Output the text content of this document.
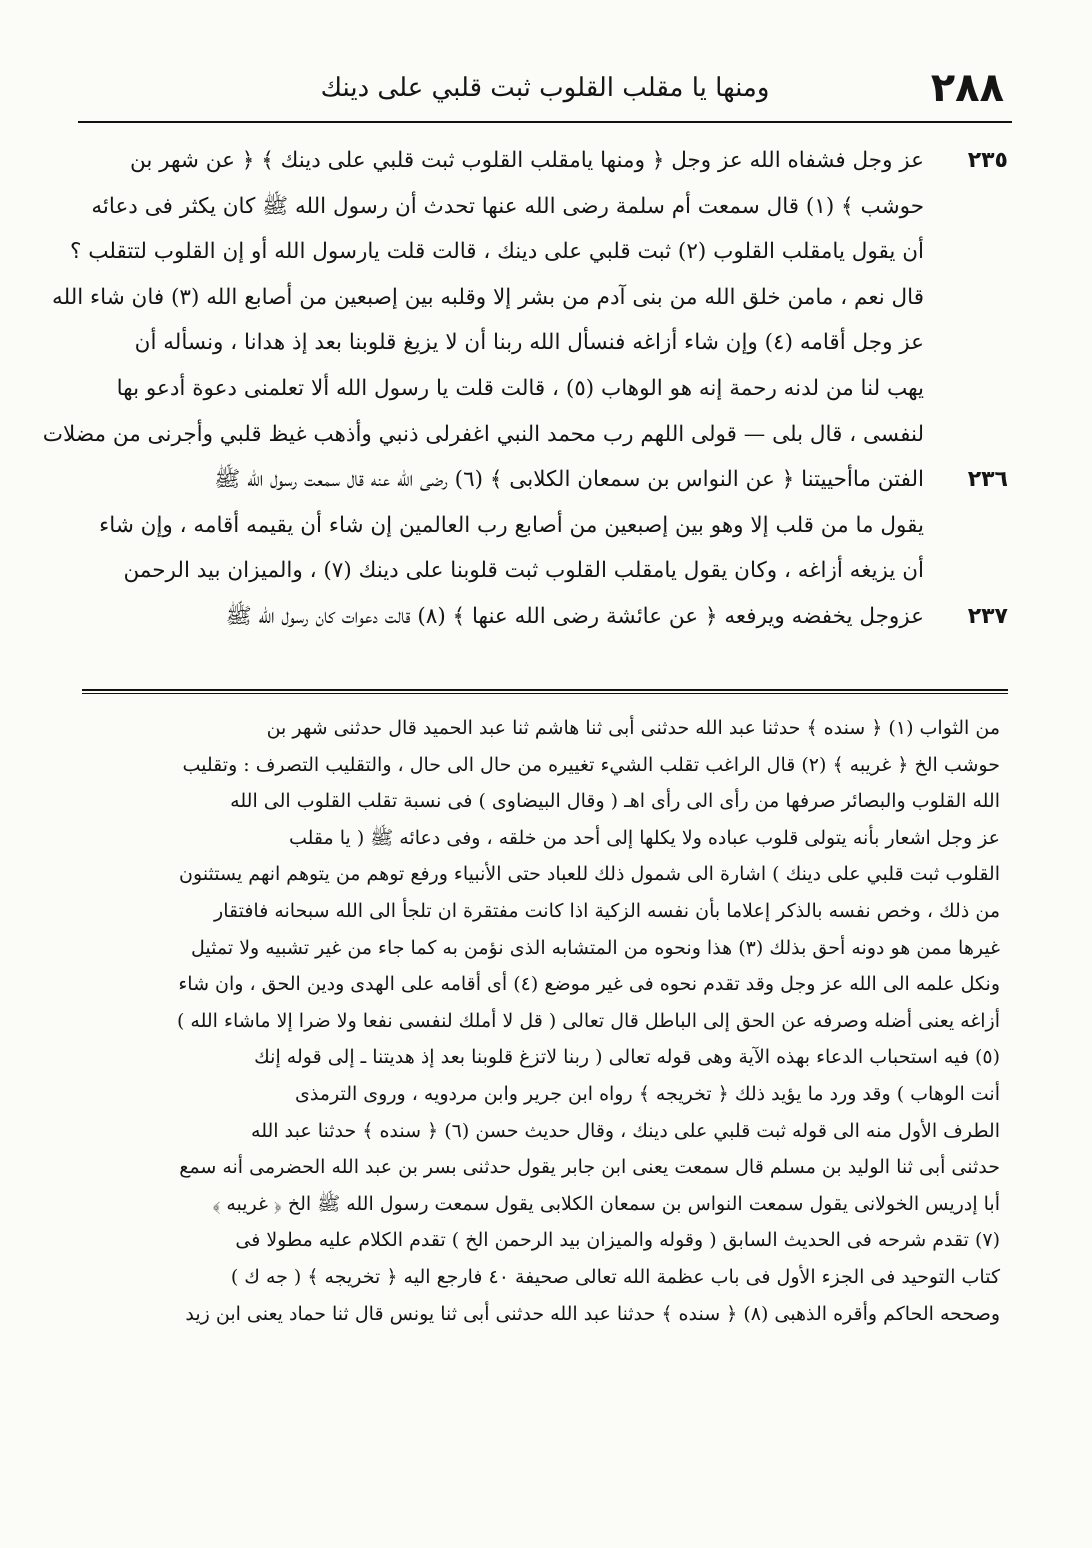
٢٨٨
ومنها يا مقلب القلوب ثبت قلبي على دينك
٢٣٥
عز وجل فشفاه الله عز وجل ﴿ ومنها يامقلب القلوب ثبت قلبي على دينك ﴾ ﴿ عن شهر بن
حوشب ﴾ (١) قال سمعت أم سلمة رضى الله عنها تحدث أن رسول الله ﷺ كان يكثر فى دعائه
أن يقول يامقلب القلوب (٢) ثبت قلبي على دينك ، قالت قلت يارسول الله أو إن القلوب لتتقلب ؟
قال نعم ، مامن خلق الله من بنى آدم من بشر إلا وقلبه بين إصبعين من أصابع الله (٣) فان شاء الله
عز وجل أقامه (٤) وإن شاء أزاغه فنسأل الله ربنا أن لا يزيغ قلوبنا بعد إذ هدانا ، ونسأله أن
يهب لنا من لدنه رحمة إنه هو الوهاب (٥) ، قالت قلت يا رسول الله ألا تعلمنى دعوة أدعو بها
لنفسى ، قال بلى — قولى اللهم رب محمد النبي اغفرلى ذنبي وأذهب غيظ قلبي وأجرنى من مضلات
٢٣٦
الفتن ماأحييتنا ﴿ عن النواس بن سمعان الكلابى ﴾ (٦) رضى الله عنه قال سمعت رسول الله ﷺ
يقول ما من قلب إلا وهو بين إصبعين من أصابع رب العالمين إن شاء أن يقيمه أقامه ، وإن شاء
أن يزيغه أزاغه ، وكان يقول يامقلب القلوب ثبت قلوبنا على دينك (٧) ، والميزان بيد الرحمن
٢٣٧
عزوجل يخفضه ويرفعه ﴿ عن عائشة رضى الله عنها ﴾ (٨) قالت دعوات كان رسول الله ﷺ
من الثواب (١) ﴿ سنده ﴾ حدثنا عبد الله حدثنى أبى ثنا هاشم ثنا عبد الحميد قال حدثنى شهر بن
حوشب الخ ﴿ غريبه ﴾ (٢) قال الراغب تقلب الشيء تغييره من حال الى حال ، والتقليب التصرف : وتقليب
الله القلوب والبصائر صرفها من رأى الى رأى اهـ ( وقال البيضاوى ) فى نسبة تقلب القلوب الى الله
عز وجل اشعار بأنه يتولى قلوب عباده ولا يكلها إلى أحد من خلقه ، وفى دعائه ﷺ ( يا مقلب
القلوب ثبت قلبي على دينك ) اشارة الى شمول ذلك للعباد حتى الأنبياء ورفع توهم من يتوهم انهم يستثنون
من ذلك ، وخص نفسه بالذكر إعلاما بأن نفسه الزكية اذا كانت مفتقرة ان تلجأ الى الله سبحانه فافتقار
غيرها ممن هو دونه أحق بذلك (٣) هذا ونحوه من المتشابه الذى نؤمن به كما جاء من غير تشبيه ولا تمثيل
ونكل علمه الى الله عز وجل وقد تقدم نحوه فى غير موضع (٤) أى أقامه على الهدى ودين الحق ، وان شاء
أزاغه يعنى أضله وصرفه عن الحق إلى الباطل قال تعالى ( قل لا أملك لنفسى نفعا ولا ضرا إلا ماشاء الله )
(٥) فيه استحباب الدعاء بهذه الآية وهى قوله تعالى ( ربنا لاتزغ قلوبنا بعد إذ هديتنا ـ إلى قوله إنك
أنت الوهاب ) وقد ورد ما يؤيد ذلك ﴿ تخريجه ﴾ رواه ابن جرير وابن مردويه ، وروى الترمذى
الطرف الأول منه الى قوله ثبت قلبي على دينك ، وقال حديث حسن (٦) ﴿ سنده ﴾ حدثنا عبد الله
حدثنى أبى ثنا الوليد بن مسلم قال سمعت يعنى ابن جابر يقول حدثنى بسر بن عبد الله الحضرمى أنه سمع
أبا إدريس الخولانى يقول سمعت النواس بن سمعان الكلابى يقول سمعت رسول الله ﷺ الخ ﴿ غريبه ﴾
(٧) تقدم شرحه فى الحديث السابق ( وقوله والميزان بيد الرحمن الخ ) تقدم الكلام عليه مطولا فى
كتاب التوحيد فى الجزء الأول فى باب عظمة الله تعالى صحيفة ٤٠ فارجع اليه ﴿ تخريجه ﴾ ( جه ك )
وصححه الحاكم وأقره الذهبى (٨) ﴿ سنده ﴾ حدثنا عبد الله حدثنى أبى ثنا يونس قال ثنا حماد يعنى ابن زيد
